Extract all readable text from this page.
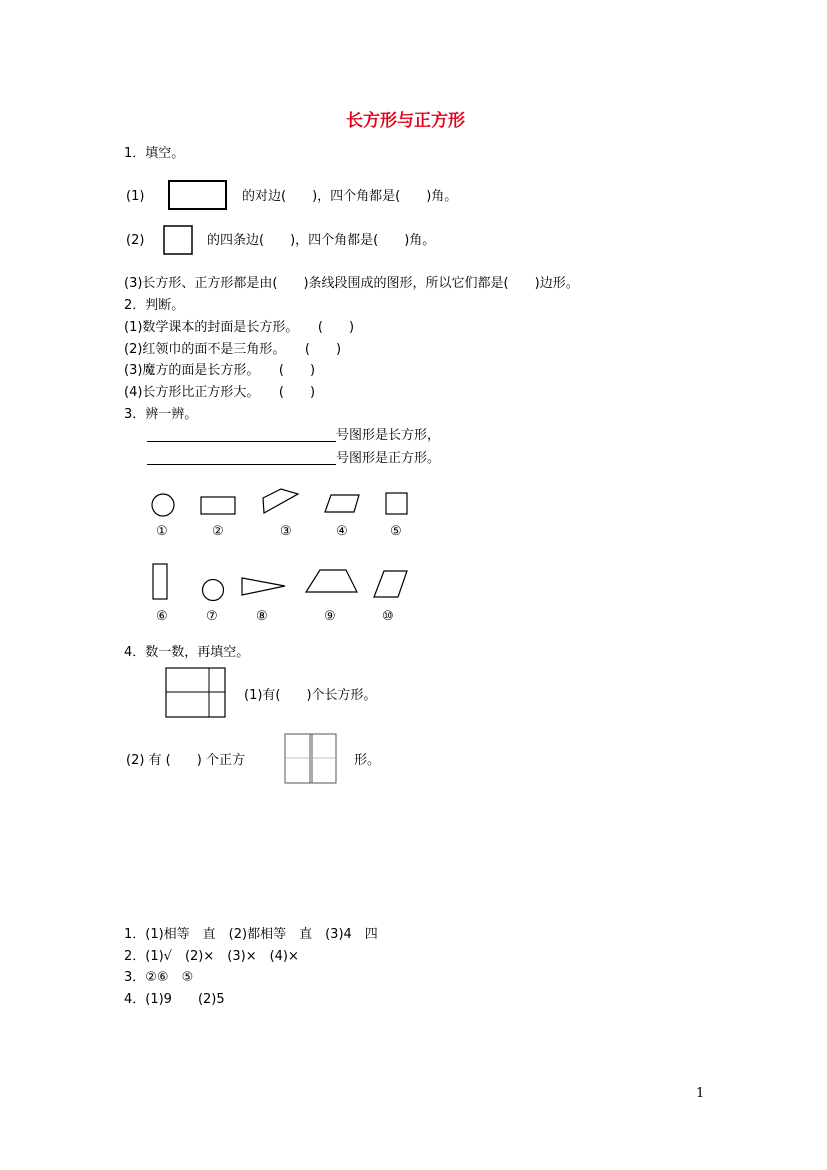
长方形与正方形
1．填空。
(1)	的对边(　　)，四个角都是(　　)角。
(2)	的四条边(　　)，四个角都是(　　)角。
(3)长方形、正方形都是由(　　)条线段围成的图形，所以它们都是(　　)边形。
2．判断。
(1)数学课本的封面是长方形。　　(　　)
(2)红领巾的面不是三角形。　　(　　)
(3)魔方的面是长方形。　　(　　)
(4)长方形比正方形大。　　(　　)
3．辨一辨。
号图形是长方形，
号图形是正方形。
①	②	③	④	⑤
⑥	⑦	⑧	⑨	⑩
4．数一数，再填空。
(1)有(　　)个长方形。
(2) 有 (　　) 个正方	形。
1．(1)相等　直　(2)都相等　直　(3)4　四
2．(1)√　(2)×　(3)×　(4)×
3．②⑥　⑤
4．(1)9　　(2)5
1
